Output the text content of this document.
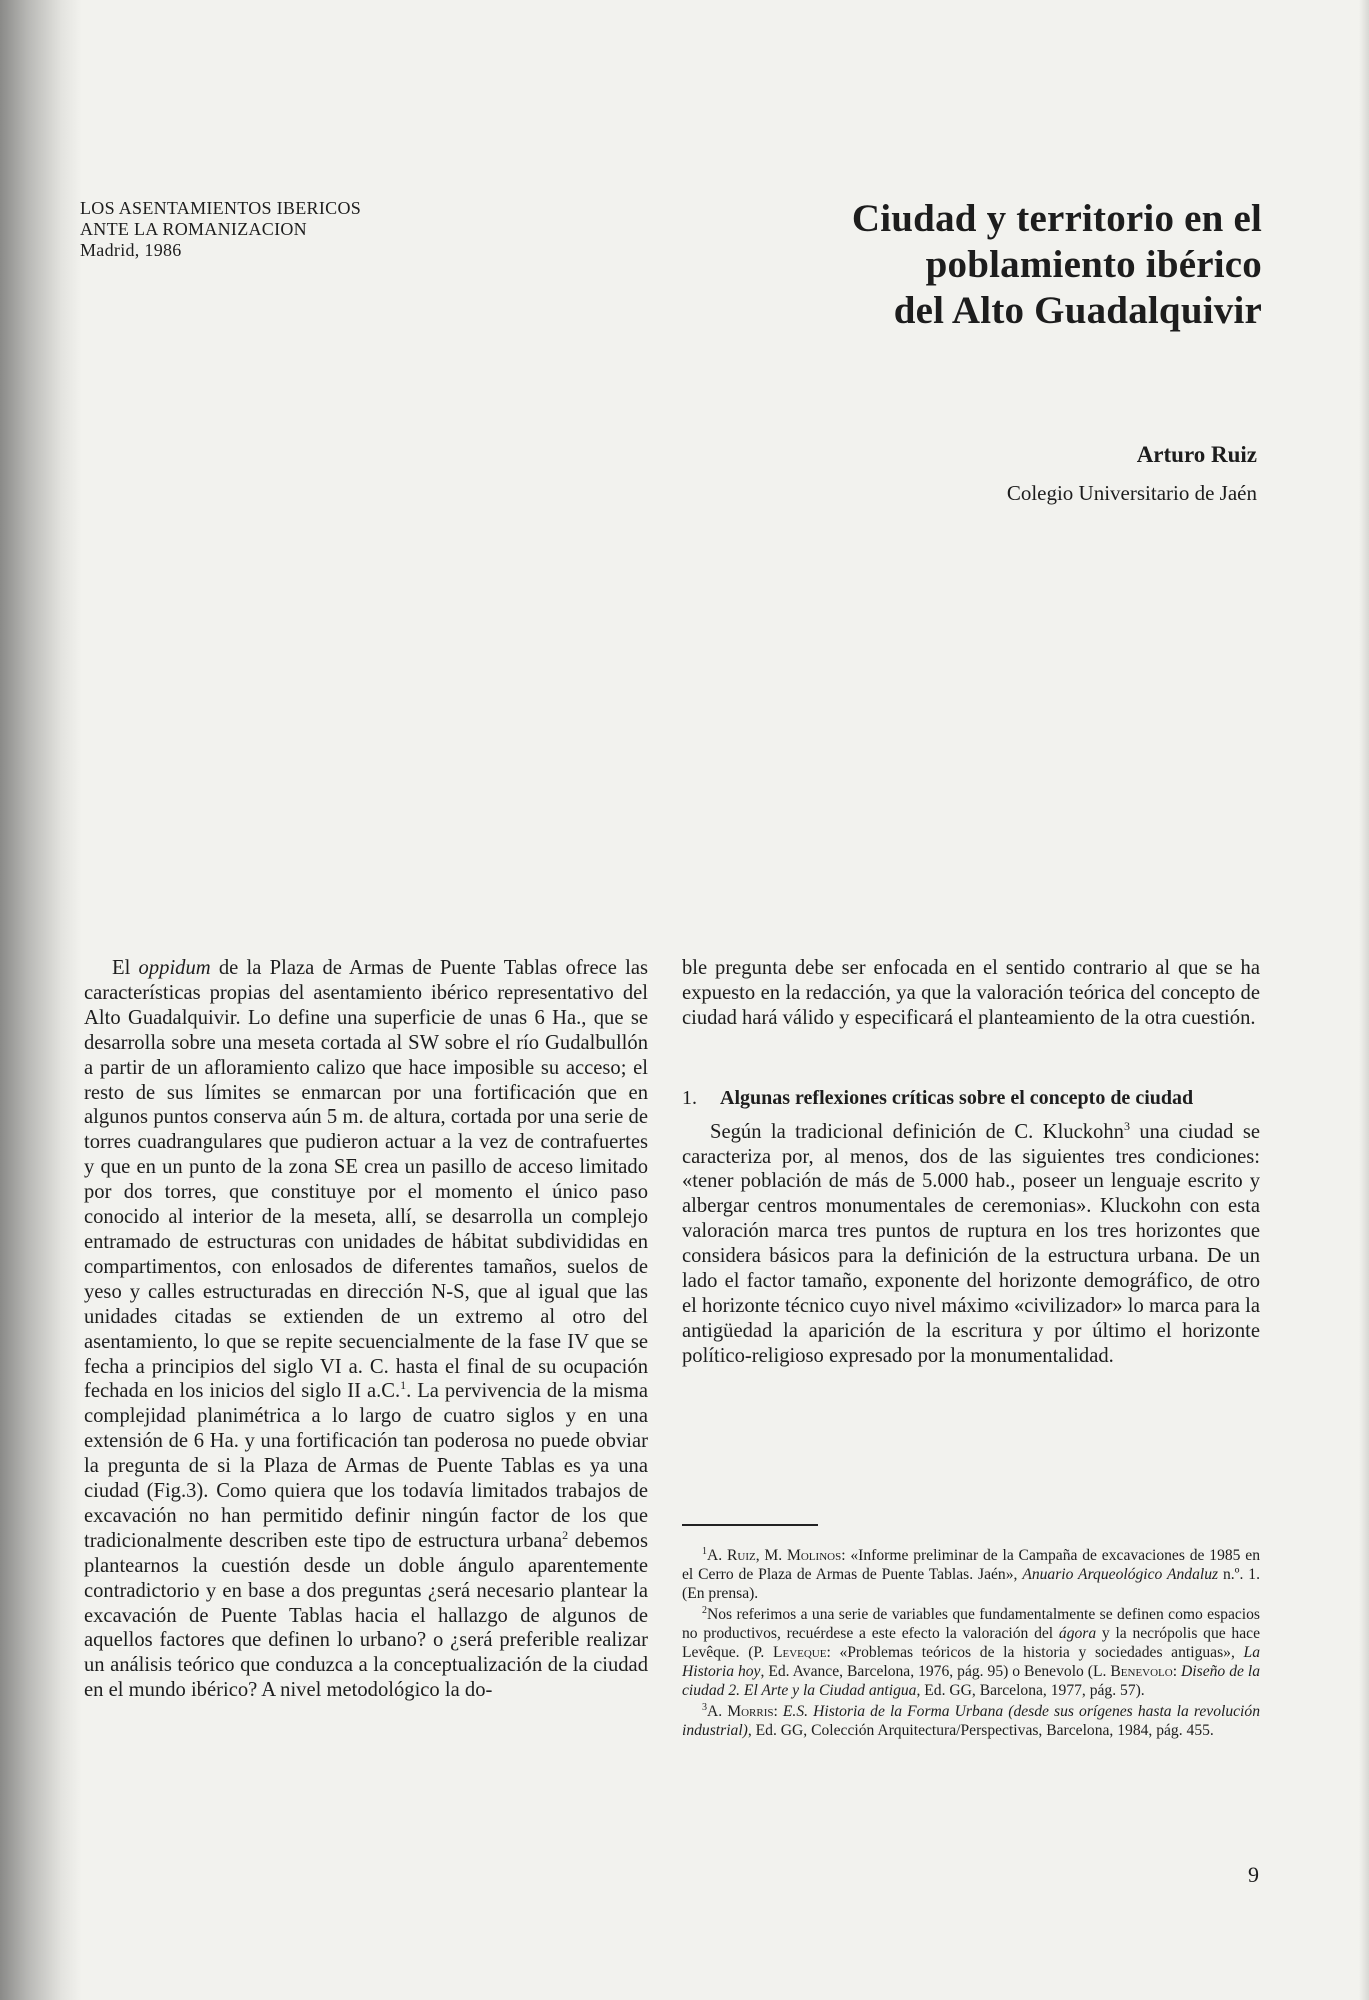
LOS ASENTAMIENTOS IBERICOS
ANTE LA ROMANIZACION
Madrid, 1986
Ciudad y territorio en el
poblamiento ibérico
del Alto Guadalquivir
Arturo Ruiz
Colegio Universitario de Jaén

El oppidum de la Plaza de Armas de Puente Tablas ofrece las características propias del asentamiento ibérico representativo del Alto Guadalquivir. Lo define una superficie de unas 6 Ha., que se desarrolla sobre una meseta cortada al SW sobre el río Gudalbullón a partir de un afloramiento calizo que hace imposible su acceso; el resto de sus límites se enmarcan por una fortificación que en algunos puntos conserva aún 5 m. de altura, cortada por una serie de torres cuadrangulares que pudieron actuar a la vez de contrafuertes y que en un punto de la zona SE crea un pasillo de acceso limitado por dos torres, que constituye por el momento el único paso conocido al interior de la meseta, allí, se desarrolla un complejo entramado de estructuras con unidades de hábitat subdivididas en compartimentos, con enlosados de diferentes tamaños, suelos de yeso y calles estructuradas en dirección N-S, que al igual que las unidades citadas se extienden de un extremo al otro del asentamiento, lo que se repite secuencialmente de la fase IV que se fecha a principios del siglo VI a. C. hasta el final de su ocupación fechada en los inicios del siglo II a.C.$^1$. La pervivencia de la misma complejidad planimétrica a lo largo de cuatro siglos y en una extensión de 6 Ha. y una fortificación tan poderosa no puede obviar la pregunta de si la Plaza de Armas de Puente Tablas es ya una ciudad (Fig.3). Como quiera que los todavía limitados trabajos de excavación no han permitido definir ningún factor de los que tradicionalmente describen este tipo de estructura urbana$^2$ debemos plantearnos la cuestión desde un doble ángulo aparentemente contradictorio y en base a dos preguntas ¿será necesario plantear la excavación de Puente Tablas hacia el hallazgo de algunos de aquellos factores que definen lo urbano? o ¿será preferible realizar un análisis teórico que conduzca a la conceptualización de la ciudad en el mundo ibérico? A nivel metodológico la do-

ble pregunta debe ser enfocada en el sentido contrario al que se ha expuesto en la redacción, ya que la valoración teórica del concepto de ciudad hará válido y especificará el planteamiento de la otra cuestión.

1. Algunas reflexiones críticas sobre el concepto de ciudad

Según la tradicional definición de C. Kluckohn$^3$ una ciudad se caracteriza por, al menos, dos de las siguientes tres condiciones: «tener población de más de 5.000 hab., poseer un lenguaje escrito y albergar centros monumentales de ceremonias». Kluckohn con esta valoración marca tres puntos de ruptura en los tres horizontes que considera básicos para la definición de la estructura urbana. De un lado el factor tamaño, exponente del horizonte demográfico, de otro el horizonte técnico cuyo nivel máximo «civilizador» lo marca para la antigüedad la aparición de la escritura y por último el horizonte político-religioso expresado por la monumentalidad.

$^1$A. Ruiz, M. Molinos: «Informe preliminar de la Campaña de excavaciones de 1985 en el Cerro de Plaza de Armas de Puente Tablas. Jaén», Anuario Arqueológico Andaluz n.º. 1. (En prensa).

$^2$Nos referimos a una serie de variables que fundamentalmente se definen como espacios no productivos, recuérdese a este efecto la valoración del ágora y la necrópolis que hace Levêque. (P. Leveque: «Problemas teóricos de la historia y sociedades antiguas», La Historia hoy, Ed. Avance, Barcelona, 1976, pág. 95) o Benevolo (L. Benevolo: Diseño de la ciudad 2. El Arte y la Ciudad antigua, Ed. GG, Barcelona, 1977, pág. 57).

$^3$A. Morris: E.S. Historia de la Forma Urbana (desde sus orígenes hasta la revolución industrial), Ed. GG, Colección Arquitectura/Perspectivas, Barcelona, 1984, pág. 455.

9
